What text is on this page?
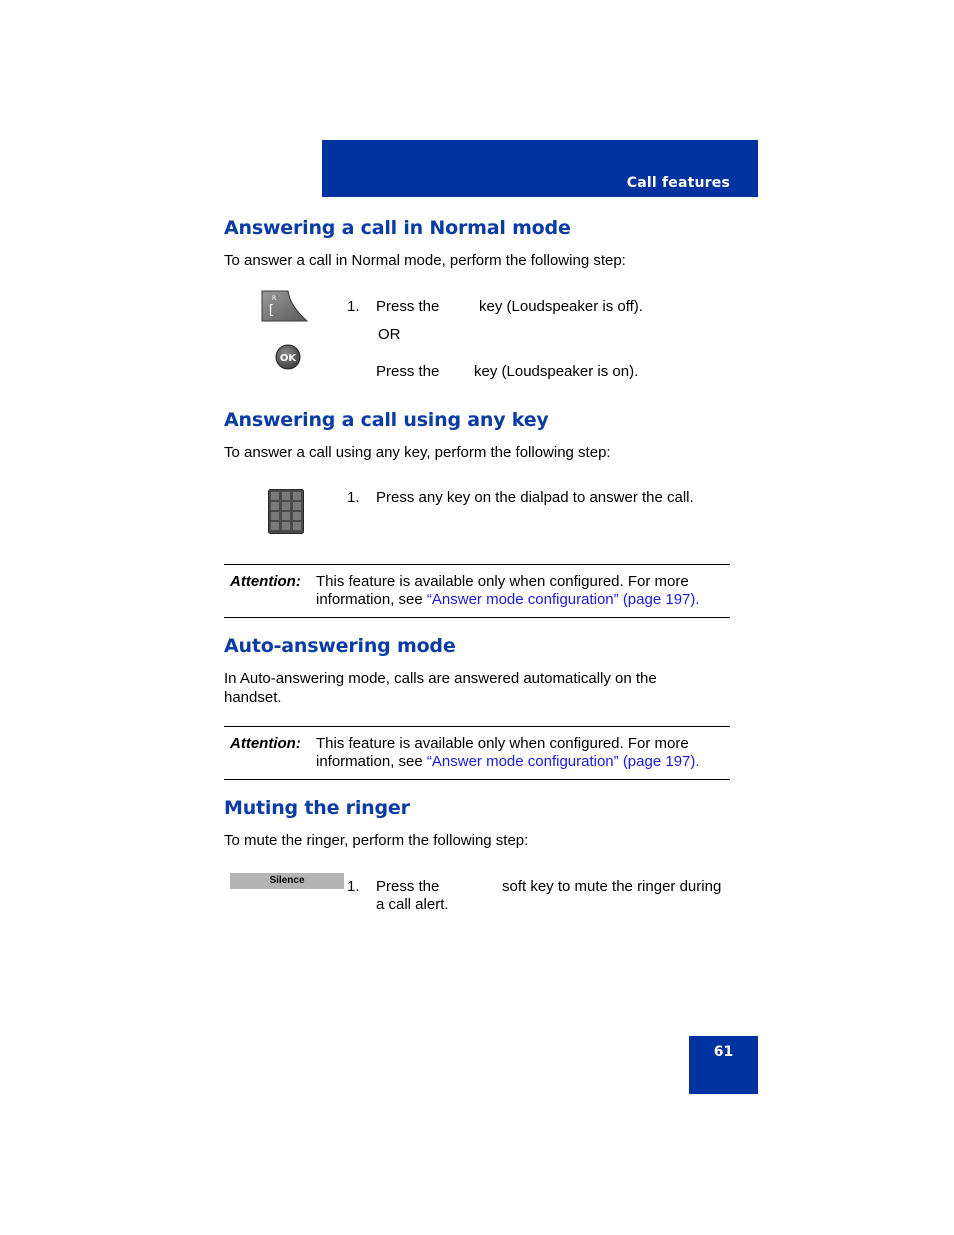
Call features
Answering a call in Normal mode
To answer a call in Normal mode, perform the following step:
[
R	1. Press the	key (Loudspeaker is off).
OR
OK
Press the key (Loudspeaker is on).
Answering a call using any key
To answer a call using any key, perform the following step:
1. Press any key on the dialpad to answer the call.
Attention: This feature is available only when configured. For more information, see “Answer mode configuration” (page 197).
Auto-answering mode
In Auto-answering mode, calls are answered automatically on the handset.
Attention: This feature is available only when configured. For more information, see “Answer mode configuration” (page 197).
Muting the ringer
To mute the ringer, perform the following step:
Silence	1. Press the	soft key to mute the ringer during
a call alert.
61
